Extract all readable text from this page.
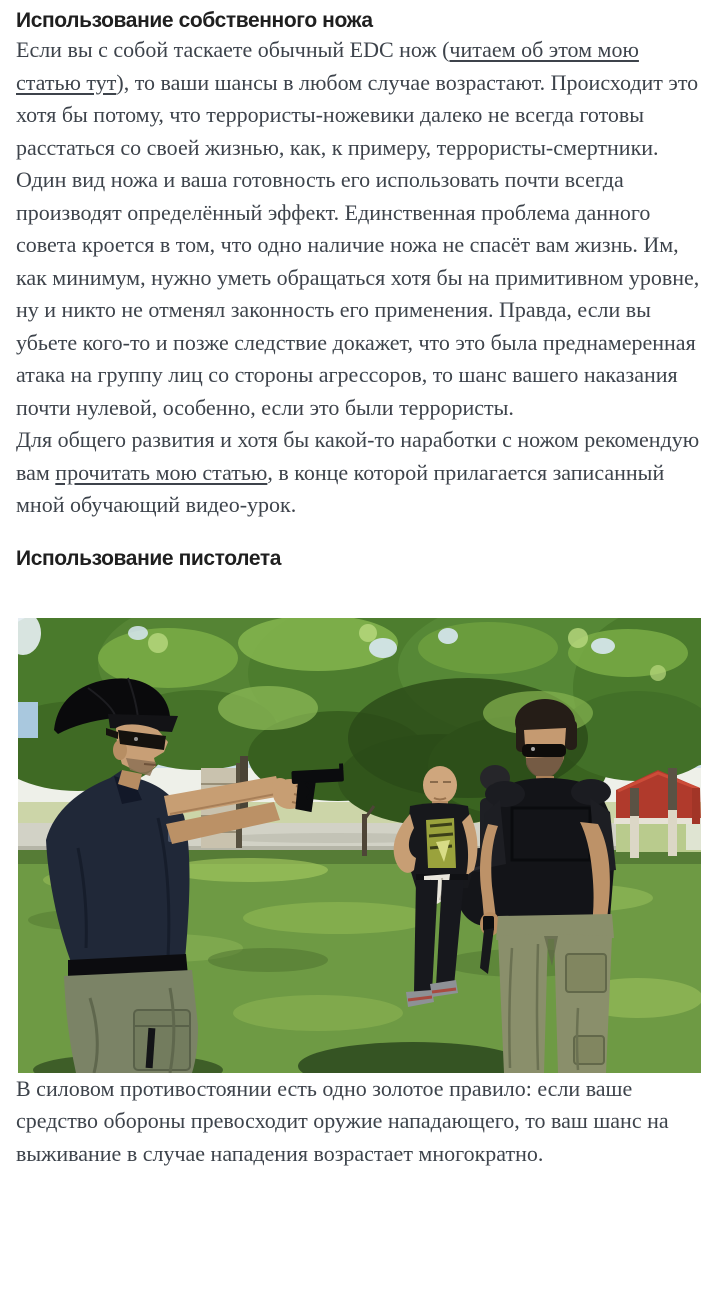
Использование собственного ножа

Если вы с собой таскаете обычный EDC нож (читаем об этом мою статью тут), то ваши шансы в любом случае возрастают. Происходит это хотя бы потому, что террористы-ножевики далеко не всегда готовы расстаться со своей жизнью, как, к примеру, террористы-смертники. Один вид ножа и ваша готовность его использовать почти всегда производят определённый эффект. Единственная проблема данного совета кроется в том, что одно наличие ножа не спасёт вам жизнь. Им, как минимум, нужно уметь обращаться хотя бы на примитивном уровне, ну и никто не отменял законность его применения. Правда, если вы убьете кого-то и позже следствие докажет, что это была преднамеренная атака на группу лиц со стороны агрессоров, то шанс вашего наказания почти нулевой, особенно, если это были террористы.

Для общего развития и хотя бы какой-то наработки с ножом рекомендую вам прочитать мою статью, в конце которой прилагается записанный мной обучающий видео-урок.

Использование пистолета

В силовом противостоянии есть одно золотое правило: если ваше средство обороны превосходит оружие нападающего, то ваш шанс на выживание в случае нападения возрастает многократно.
